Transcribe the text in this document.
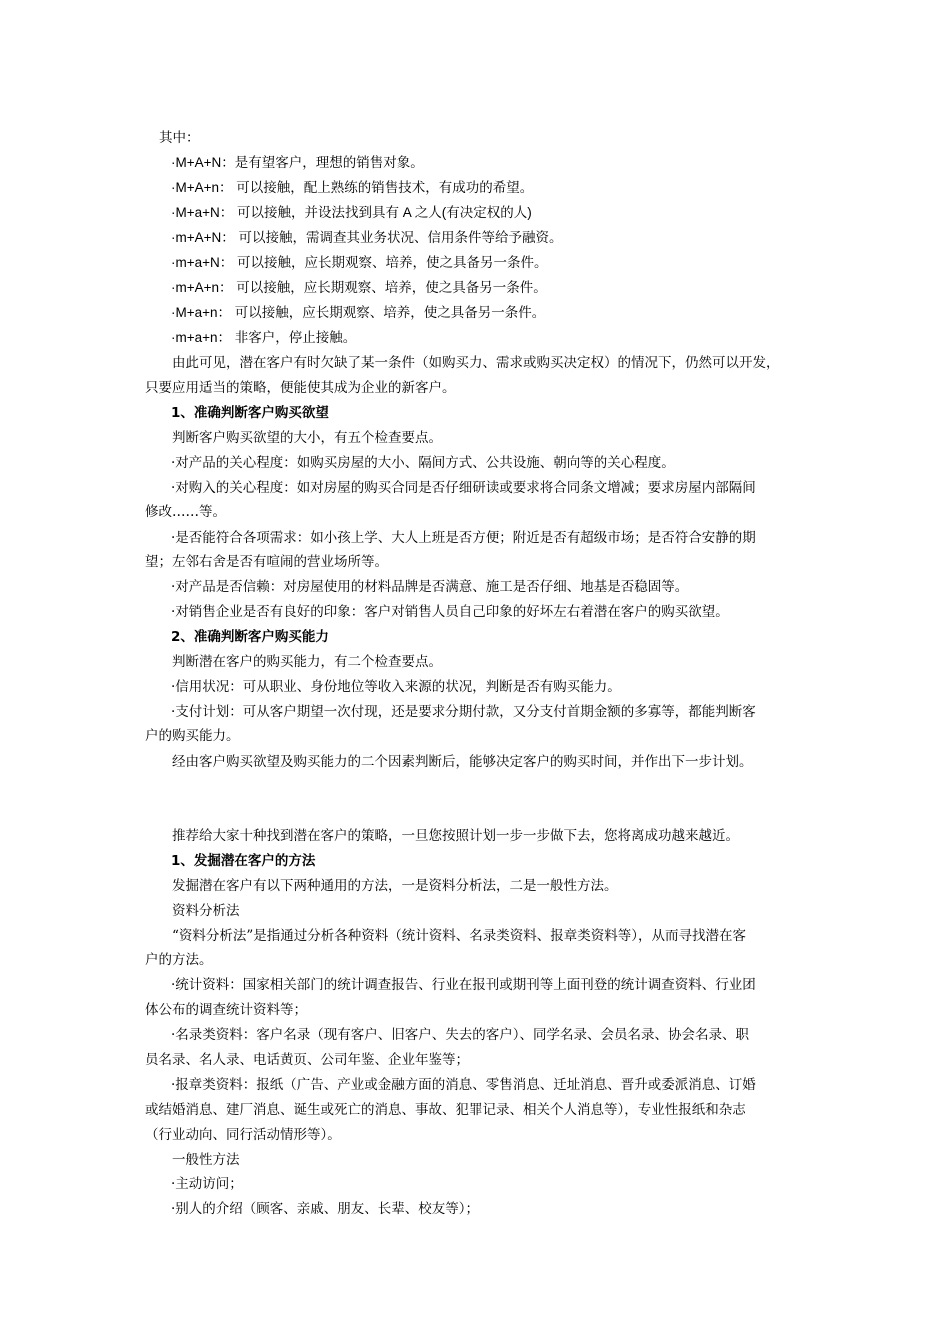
其中：
·M+A+N：是有望客户，理想的销售对象。
·M+A+n： 可以接触，配上熟练的销售技术，有成功的希望。
·M+a+N： 可以接触，并设法找到具有 A 之人(有决定权的人)
·m+A+N： 可以接触，需调查其业务状况、信用条件等给予融资。
·m+a+N： 可以接触，应长期观察、培养，使之具备另一条件。
·m+A+n： 可以接触，应长期观察、培养，使之具备另一条件。
·M+a+n： 可以接触，应长期观察、培养，使之具备另一条件。
·m+a+n： 非客户，停止接触。
由此可见，潜在客户有时欠缺了某一条件（如购买力、需求或购买决定权）的情况下，仍然可以开发，
只要应用适当的策略，便能使其成为企业的新客户。
1、准确判断客户购买欲望
判断客户购买欲望的大小，有五个检查要点。
·对产品的关心程度：如购买房屋的大小、隔间方式、公共设施、朝向等的关心程度。
·对购入的关心程度：如对房屋的购买合同是否仔细研读或要求将合同条文增减；要求房屋内部隔间
修改……等。
·是否能符合各项需求：如小孩上学、大人上班是否方便；附近是否有超级市场；是否符合安静的期
望；左邻右舍是否有喧闹的营业场所等。
·对产品是否信赖：对房屋使用的材料品牌是否满意、施工是否仔细、地基是否稳固等。
·对销售企业是否有良好的印象：客户对销售人员自己印象的好坏左右着潜在客户的购买欲望。
2、准确判断客户购买能力
判断潜在客户的购买能力，有二个检查要点。
·信用状况：可从职业、身份地位等收入来源的状况，判断是否有购买能力。
·支付计划：可从客户期望一次付现，还是要求分期付款，又分支付首期金额的多寡等，都能判断客
户的购买能力。
经由客户购买欲望及购买能力的二个因素判断后，能够决定客户的购买时间，并作出下一步计划。
推荐给大家十种找到潜在客户的策略，一旦您按照计划一步一步做下去，您将离成功越来越近。
1、发掘潜在客户的方法
发掘潜在客户有以下两种通用的方法，一是资料分析法，二是一般性方法。
资料分析法
“资料分析法”是指通过分析各种资料（统计资料、名录类资料、报章类资料等），从而寻找潜在客
户的方法。
·统计资料：国家相关部门的统计调查报告、行业在报刊或期刊等上面刊登的统计调查资料、行业团
体公布的调查统计资料等；
·名录类资料：客户名录（现有客户、旧客户、失去的客户）、同学名录、会员名录、协会名录、职
员名录、名人录、电话黄页、公司年鉴、企业年鉴等；
·报章类资料：报纸（广告、产业或金融方面的消息、零售消息、迁址消息、晋升或委派消息、订婚
或结婚消息、建厂消息、诞生或死亡的消息、事故、犯罪记录、相关个人消息等），专业性报纸和杂志
（行业动向、同行活动情形等）。
一般性方法
·主动访问；
·别人的介绍（顾客、亲戚、朋友、长辈、校友等）；
